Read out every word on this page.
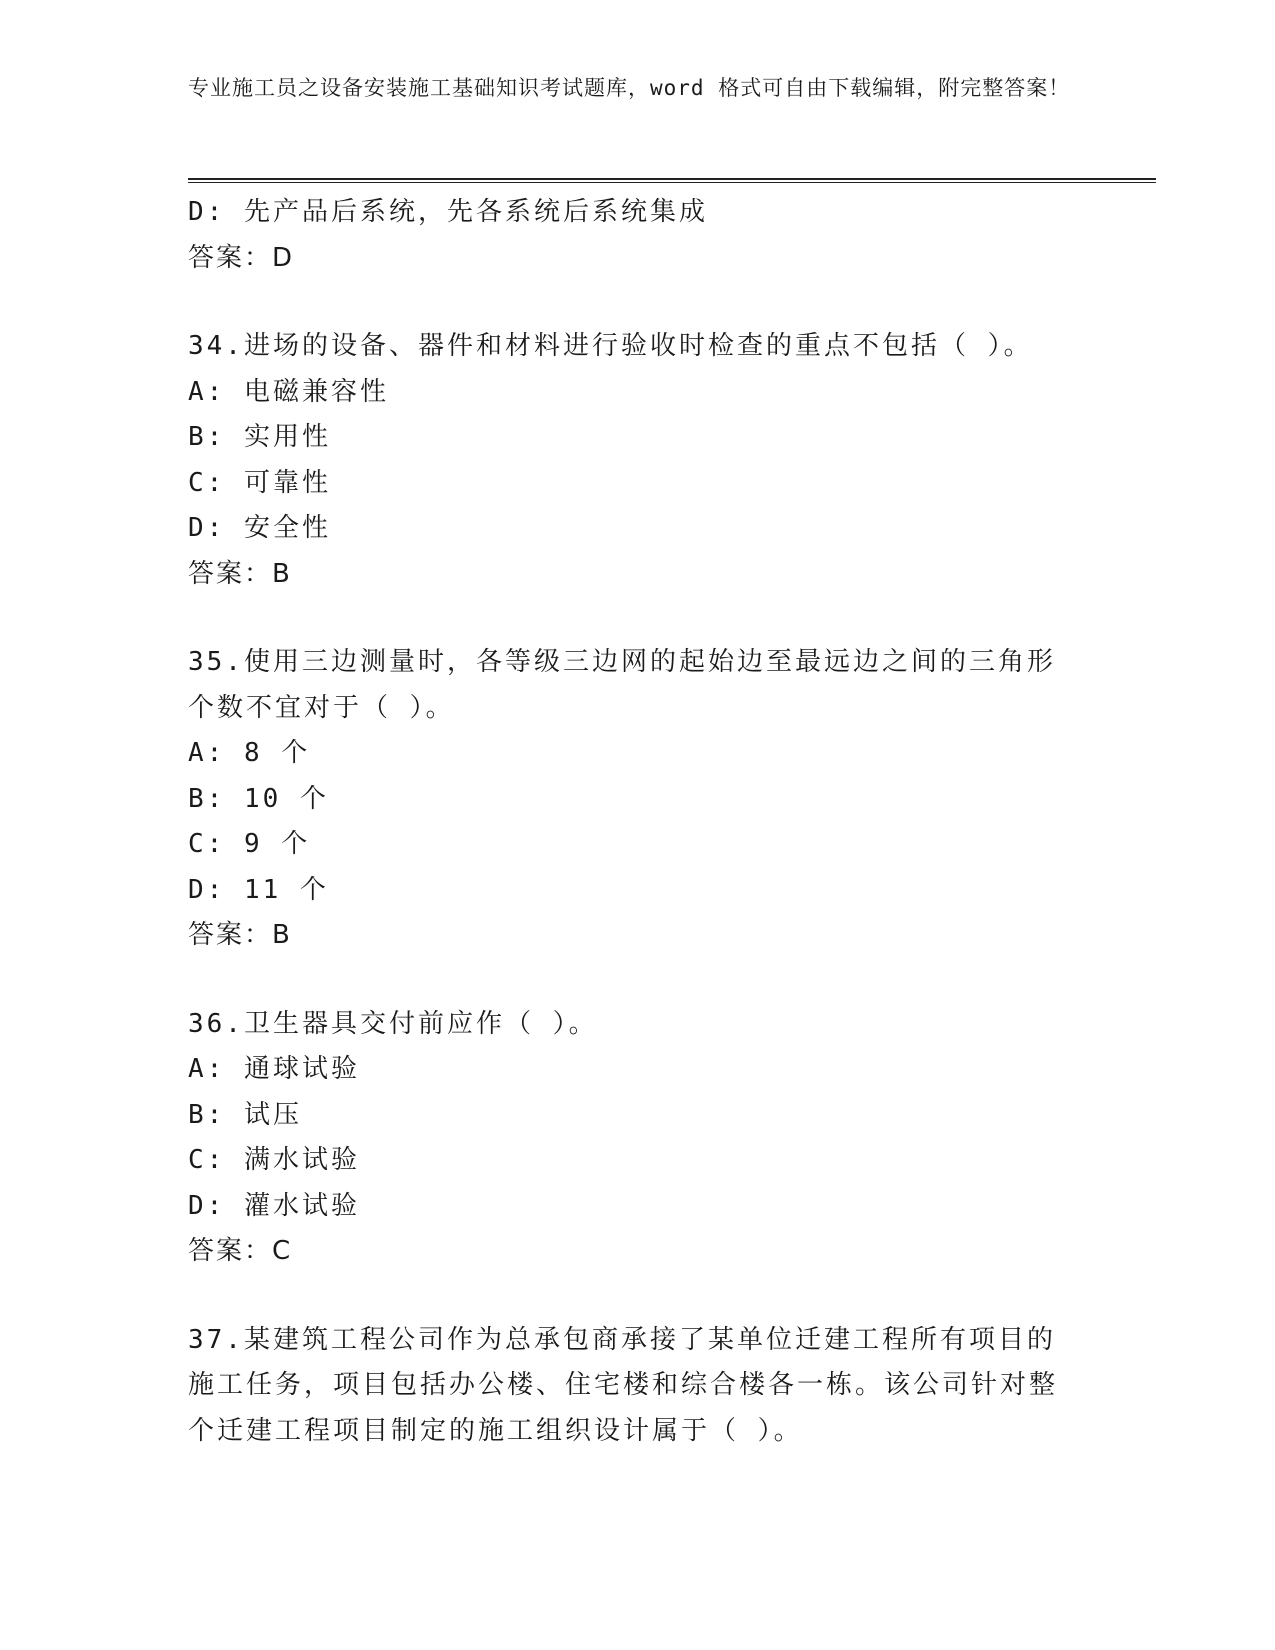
专业施工员之设备安装施工基础知识考试题库，word 格式可自由下载编辑，附完整答案！
D: 先产品后系统，先各系统后系统集成
答案：D
34.进场的设备、器件和材料进行验收时检查的重点不包括（ ）。
A: 电磁兼容性
B: 实用性
C: 可靠性
D: 安全性
答案：B
35.使用三边测量时，各等级三边网的起始边至最远边之间的三角形个数不宜对于（ ）。
A: 8 个
B: 10 个
C: 9 个
D: 11 个
答案：B
36.卫生器具交付前应作（ ）。
A: 通球试验
B: 试压
C: 满水试验
D: 灌水试验
答案：C
37.某建筑工程公司作为总承包商承接了某单位迁建工程所有项目的施工任务，项目包括办公楼、住宅楼和综合楼各一栋。该公司针对整个迁建工程项目制定的施工组织设计属于（ ）。
